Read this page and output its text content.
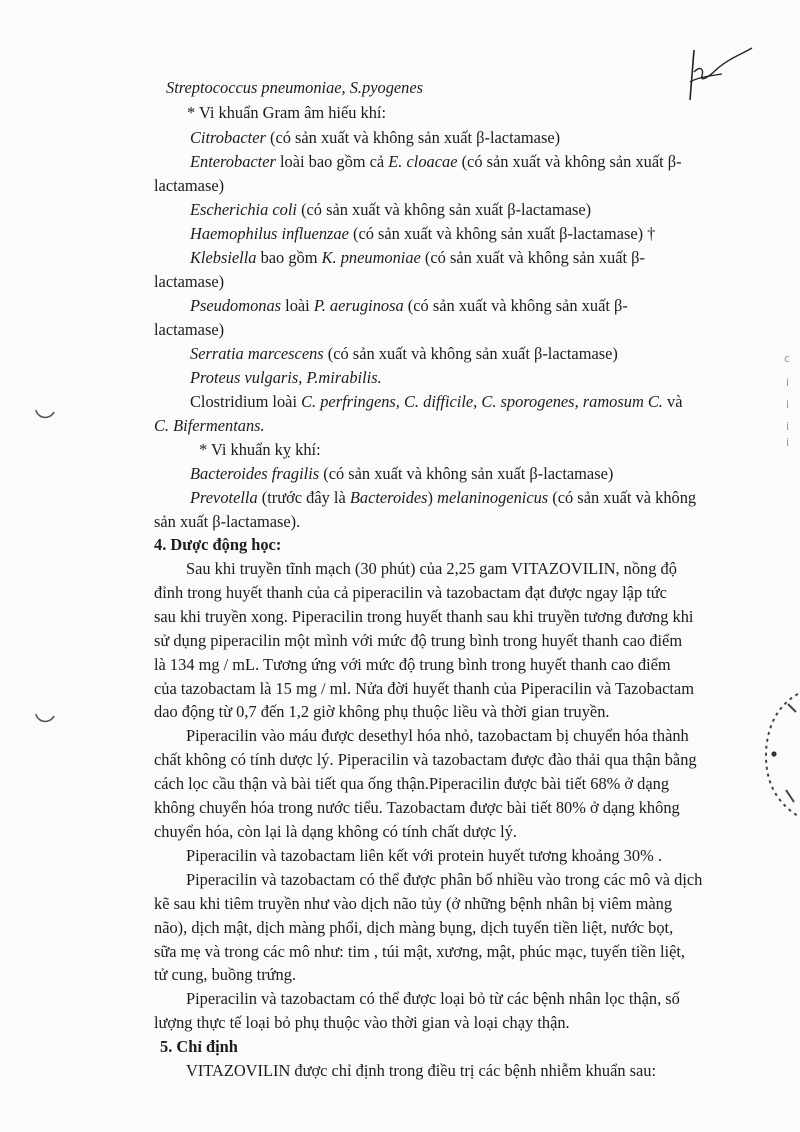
Streptococcus pneumoniae, S.pyogenes
* Vi khuẩn Gram âm hiếu khí:
Citrobacter (có sản xuất và không sản xuất β-lactamase)
Enterobacter loài bao gồm cả E. cloacae (có sản xuất và không sản xuất β-
lactamase)
Escherichia coli (có sản xuất và không sản xuất β-lactamase)
Haemophilus influenzae (có sản xuất và không sản xuất β-lactamase) †
Klebsiella bao gồm K. pneumoniae (có sản xuất và không sản xuất β-
lactamase)
Pseudomonas loài P. aeruginosa (có sản xuất và không sản xuất β-
lactamase)
Serratia marcescens (có sản xuất và không sản xuất β-lactamase)
Proteus vulgaris, P.mirabilis.
Clostridium loài C. perfringens, C. difficile, C. sporogenes, ramosum C. và
C. Bifermentans.
* Vi khuẩn kỵ khí:
Bacteroides fragilis (có sản xuất và không sản xuất β-lactamase)
Prevotella (trước đây là Bacteroides) melaninogenicus (có sản xuất và không
sản xuất β-lactamase).
4. Dược động học:
Sau khi truyền tĩnh mạch (30 phút) của 2,25 gam VITAZOVILIN, nồng độ
đỉnh trong huyết thanh của cả piperacilin và tazobactam đạt được ngay lập tức
sau khi truyền xong. Piperacilin trong huyết thanh sau khi truyền tương đương khi
sử dụng piperacilin một mình với mức độ trung bình trong huyết thanh cao điểm
là 134 mg / mL. Tương ứng với mức độ trung bình trong huyết thanh cao điểm
của tazobactam là 15 mg / ml. Nửa đời huyết thanh của Piperacilin và Tazobactam
dao động từ 0,7 đến 1,2 giờ không phụ thuộc liều và thời gian truyền.
Piperacilin vào máu được desethyl hóa nhỏ, tazobactam bị chuyển hóa thành
chất không có tính dược lý. Piperacilin và tazobactam được đào thải qua thận bằng
cách lọc cầu thận và bài tiết qua ống thận.Piperacilin được bài tiết 68% ở dạng
không chuyển hóa trong nước tiểu. Tazobactam được bài tiết 80% ở dạng không
chuyển hóa, còn lại là dạng không có tính chất dược lý.
Piperacilin và tazobactam liên kết với protein huyết tương khoảng 30% .
Piperacilin và tazobactam có thể được phân bố nhiều vào trong các mô và dịch
kẽ sau khi tiêm truyền như vào dịch não tủy (ở những bệnh nhân bị viêm màng
não), dịch mật, dịch màng phổi, dịch màng bụng, dịch tuyến tiền liệt, nước bọt,
sữa mẹ và trong các mô như: tim , túi mật, xương, mật, phúc mạc, tuyến tiền liệt,
tử cung, buồng trứng.
Piperacilin và tazobactam có thể được loại bỏ từ các bệnh nhân lọc thận, số
lượng thực tế loại bỏ phụ thuộc vào thời gian và loại chạy thận.
5. Chỉ định
VITAZOVILIN được chỉ định trong điều trị các bệnh nhiễm khuẩn sau:
c
i
i
i
i
